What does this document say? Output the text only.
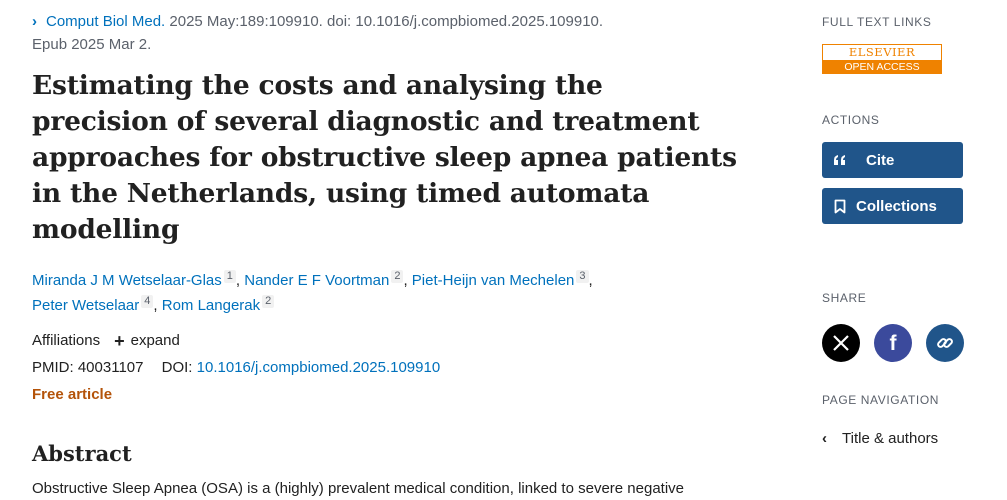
› Comput Biol Med. 2025 May:189:109910. doi: 10.1016/j.compbiomed.2025.109910.
Epub 2025 Mar 2.
Estimating the costs and analysing the precision of several diagnostic and treatment approaches for obstructive sleep apnea patients in the Netherlands, using timed automata modelling
Miranda J M Wetselaar-Glas $^1$ , Nander E F Voortman $^2$ , Piet-Heijn van Mechelen $^3$ ,
Peter Wetselaar $^4$ , Rom Langerak $^2$
Affiliations + expand
PMID: 40031107 DOI: 10.1016/j.compbiomed.2025.109910
Free article
Abstract

Obstructive Sleep Apnea (OSA) is a (highly) prevalent medical condition, linked to severe negative

FULL TEXT LINKS
ELSEVIER
OPEN ACCESS
ACTIONS
Cite
Collections
SHARE
f
PAGE NAVIGATION
‹	Title & authors
